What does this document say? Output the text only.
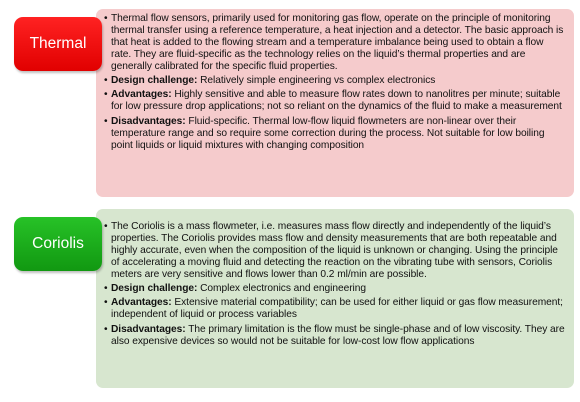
Thermal
• Thermal flow sensors, primarily used for monitoring gas flow, operate on the principle of monitoring thermal transfer using a reference temperature, a heat injection and a detector. The basic approach is that heat is added to the flowing stream and a temperature imbalance being used to obtain a flow rate. They are fluid-specific as the technology relies on the liquid’s thermal properties and are generally calibrated for the specific fluid properties.
• Design challenge: Relatively simple engineering vs complex electronics
• Advantages: Highly sensitive and able to measure flow rates down to nanolitres per minute; suitable for low pressure drop applications; not so reliant on the dynamics of the fluid to make a measurement
• Disadvantages: Fluid-specific. Thermal low-flow liquid flowmeters are non-linear over their temperature range and so require some correction during the process. Not suitable for low boiling point liquids or liquid mixtures with changing composition
Coriolis
• The Coriolis is a mass flowmeter, i.e. measures mass flow directly and independently of the liquid’s properties. The Coriolis provides mass flow and density measurements that are both repeatable and highly accurate, even when the composition of the liquid is unknown or changing. Using the principle of accelerating a moving fluid and detecting the reaction on the vibrating tube with sensors, Coriolis meters are very sensitive and flows lower than 0.2 ml/min are possible.
• Design challenge: Complex electronics and engineering
• Advantages: Extensive material compatibility; can be used for either liquid or gas flow measurement; independent of liquid or process variables
• Disadvantages: The primary limitation is the flow must be single-phase and of low viscosity. They are also expensive devices so would not be suitable for low-cost low flow applications
